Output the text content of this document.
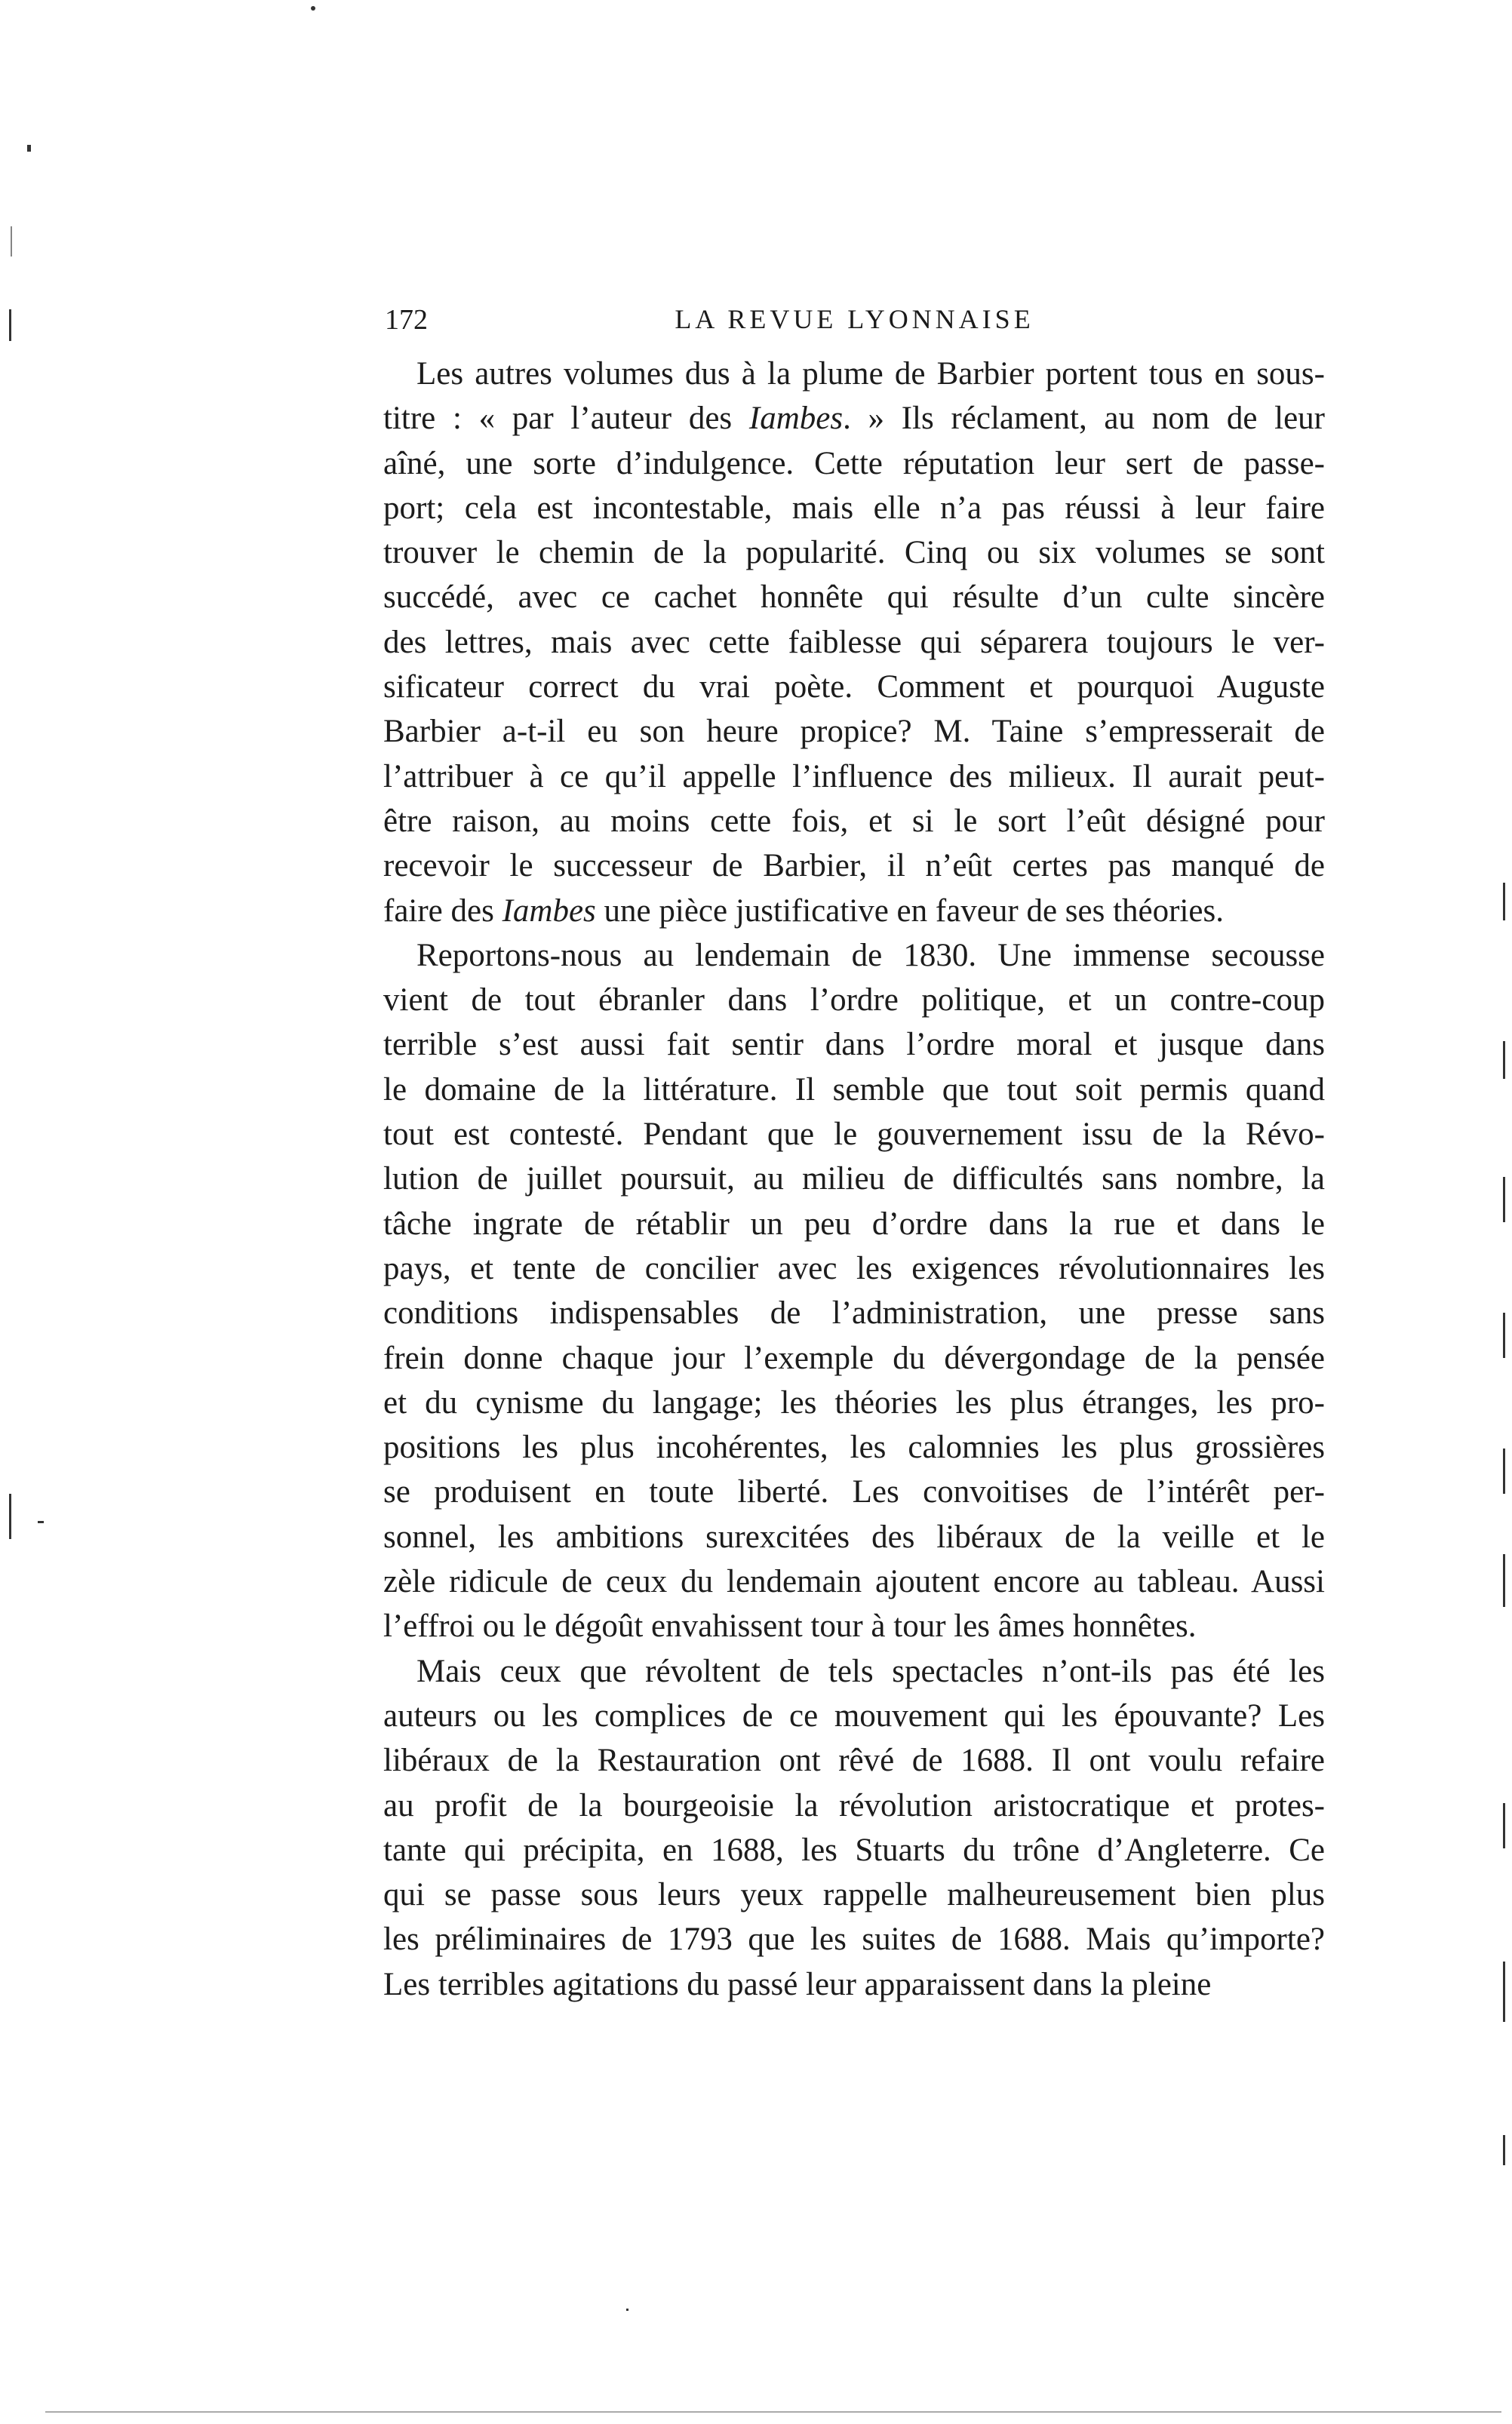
172	LA REVUE LYONNAISE
Les autres volumes dus à la plume de Barbier portent tous en sous-
titre : « par l’auteur des Iambes. » Ils réclament, au nom de leur
aîné, une sorte d’indulgence. Cette réputation leur sert de passe-
port; cela est incontestable, mais elle n’a pas réussi à leur faire
trouver le chemin de la popularité. Cinq ou six volumes se sont
succédé, avec ce cachet honnête qui résulte d’un culte sincère
des lettres, mais avec cette faiblesse qui séparera toujours le ver-
sificateur correct du vrai poète. Comment et pourquoi Auguste
Barbier a-t-il eu son heure propice? M. Taine s’empresserait de
l’attribuer à ce qu’il appelle l’influence des milieux. Il aurait peut-
être raison, au moins cette fois, et si le sort l’eût désigné pour
recevoir le successeur de Barbier, il n’eût certes pas manqué de
faire des Iambes une pièce justificative en faveur de ses théories.
Reportons-nous au lendemain de 1830. Une immense secousse
vient de tout ébranler dans l’ordre politique, et un contre-coup
terrible s’est aussi fait sentir dans l’ordre moral et jusque dans
le domaine de la littérature. Il semble que tout soit permis quand
tout est contesté. Pendant que le gouvernement issu de la Révo-
lution de juillet poursuit, au milieu de difficultés sans nombre, la
tâche ingrate de rétablir un peu d’ordre dans la rue et dans le
pays, et tente de concilier avec les exigences révolutionnaires les
conditions indispensables de l’administration, une presse sans
frein donne chaque jour l’exemple du dévergondage de la pensée
et du cynisme du langage; les théories les plus étranges, les pro-
positions les plus incohérentes, les calomnies les plus grossières
se produisent en toute liberté. Les convoitises de l’intérêt per-
sonnel, les ambitions surexcitées des libéraux de la veille et le
zèle ridicule de ceux du lendemain ajoutent encore au tableau. Aussi
l’effroi ou le dégoût envahissent tour à tour les âmes honnêtes.
Mais ceux que révoltent de tels spectacles n’ont-ils pas été les
auteurs ou les complices de ce mouvement qui les épouvante? Les
libéraux de la Restauration ont rêvé de 1688. Il ont voulu refaire
au profit de la bourgeoisie la révolution aristocratique et protes-
tante qui précipita, en 1688, les Stuarts du trône d’Angleterre. Ce
qui se passe sous leurs yeux rappelle malheureusement bien plus
les préliminaires de 1793 que les suites de 1688. Mais qu’importe?
Les terribles agitations du passé leur apparaissent dans la pleine
